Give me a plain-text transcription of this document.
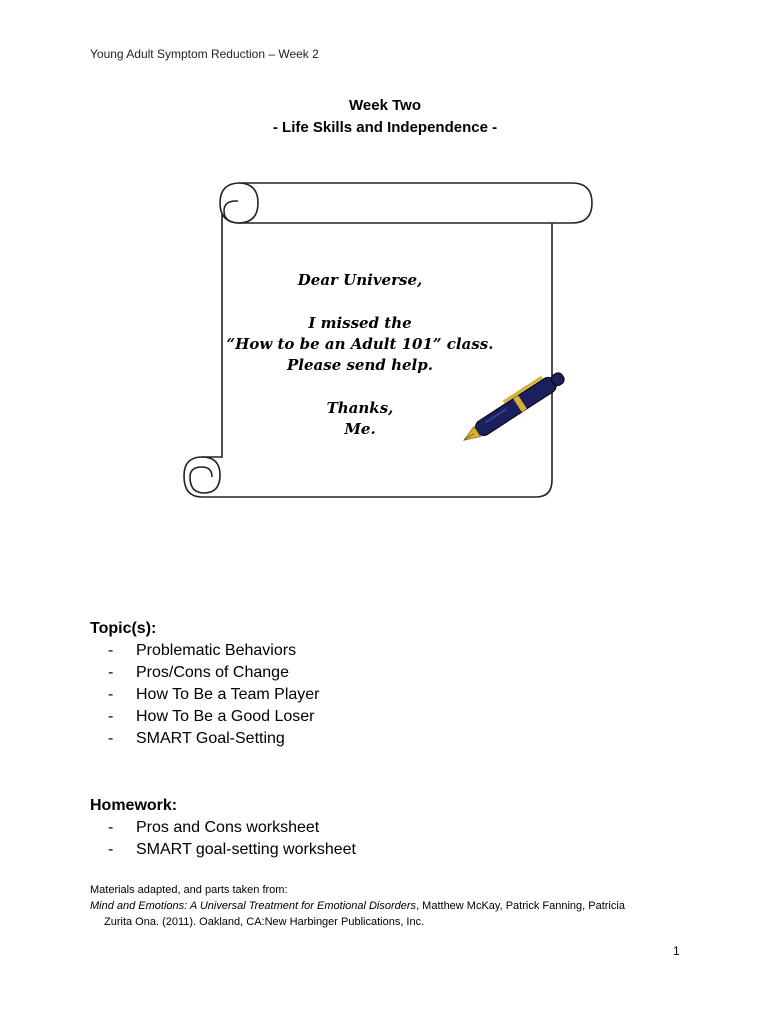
Young Adult Symptom Reduction – Week 2
Week Two
- Life Skills and Independence -
Dear Universe,
I missed the
“How to be an Adult 101” class.
Please send help.
Thanks,
Me.
Topic(s):
- Problematic Behaviors
- Pros/Cons of Change
- How To Be a Team Player
- How To Be a Good Loser
- SMART Goal-Setting
Homework:
- Pros and Cons worksheet
- SMART goal-setting worksheet
Materials adapted, and parts taken from:
Mind and Emotions: A Universal Treatment for Emotional Disorders, Matthew McKay, Patrick Fanning, Patricia
Zurita Ona. (2011). Oakland, CA:New Harbinger Publications, Inc.
1
